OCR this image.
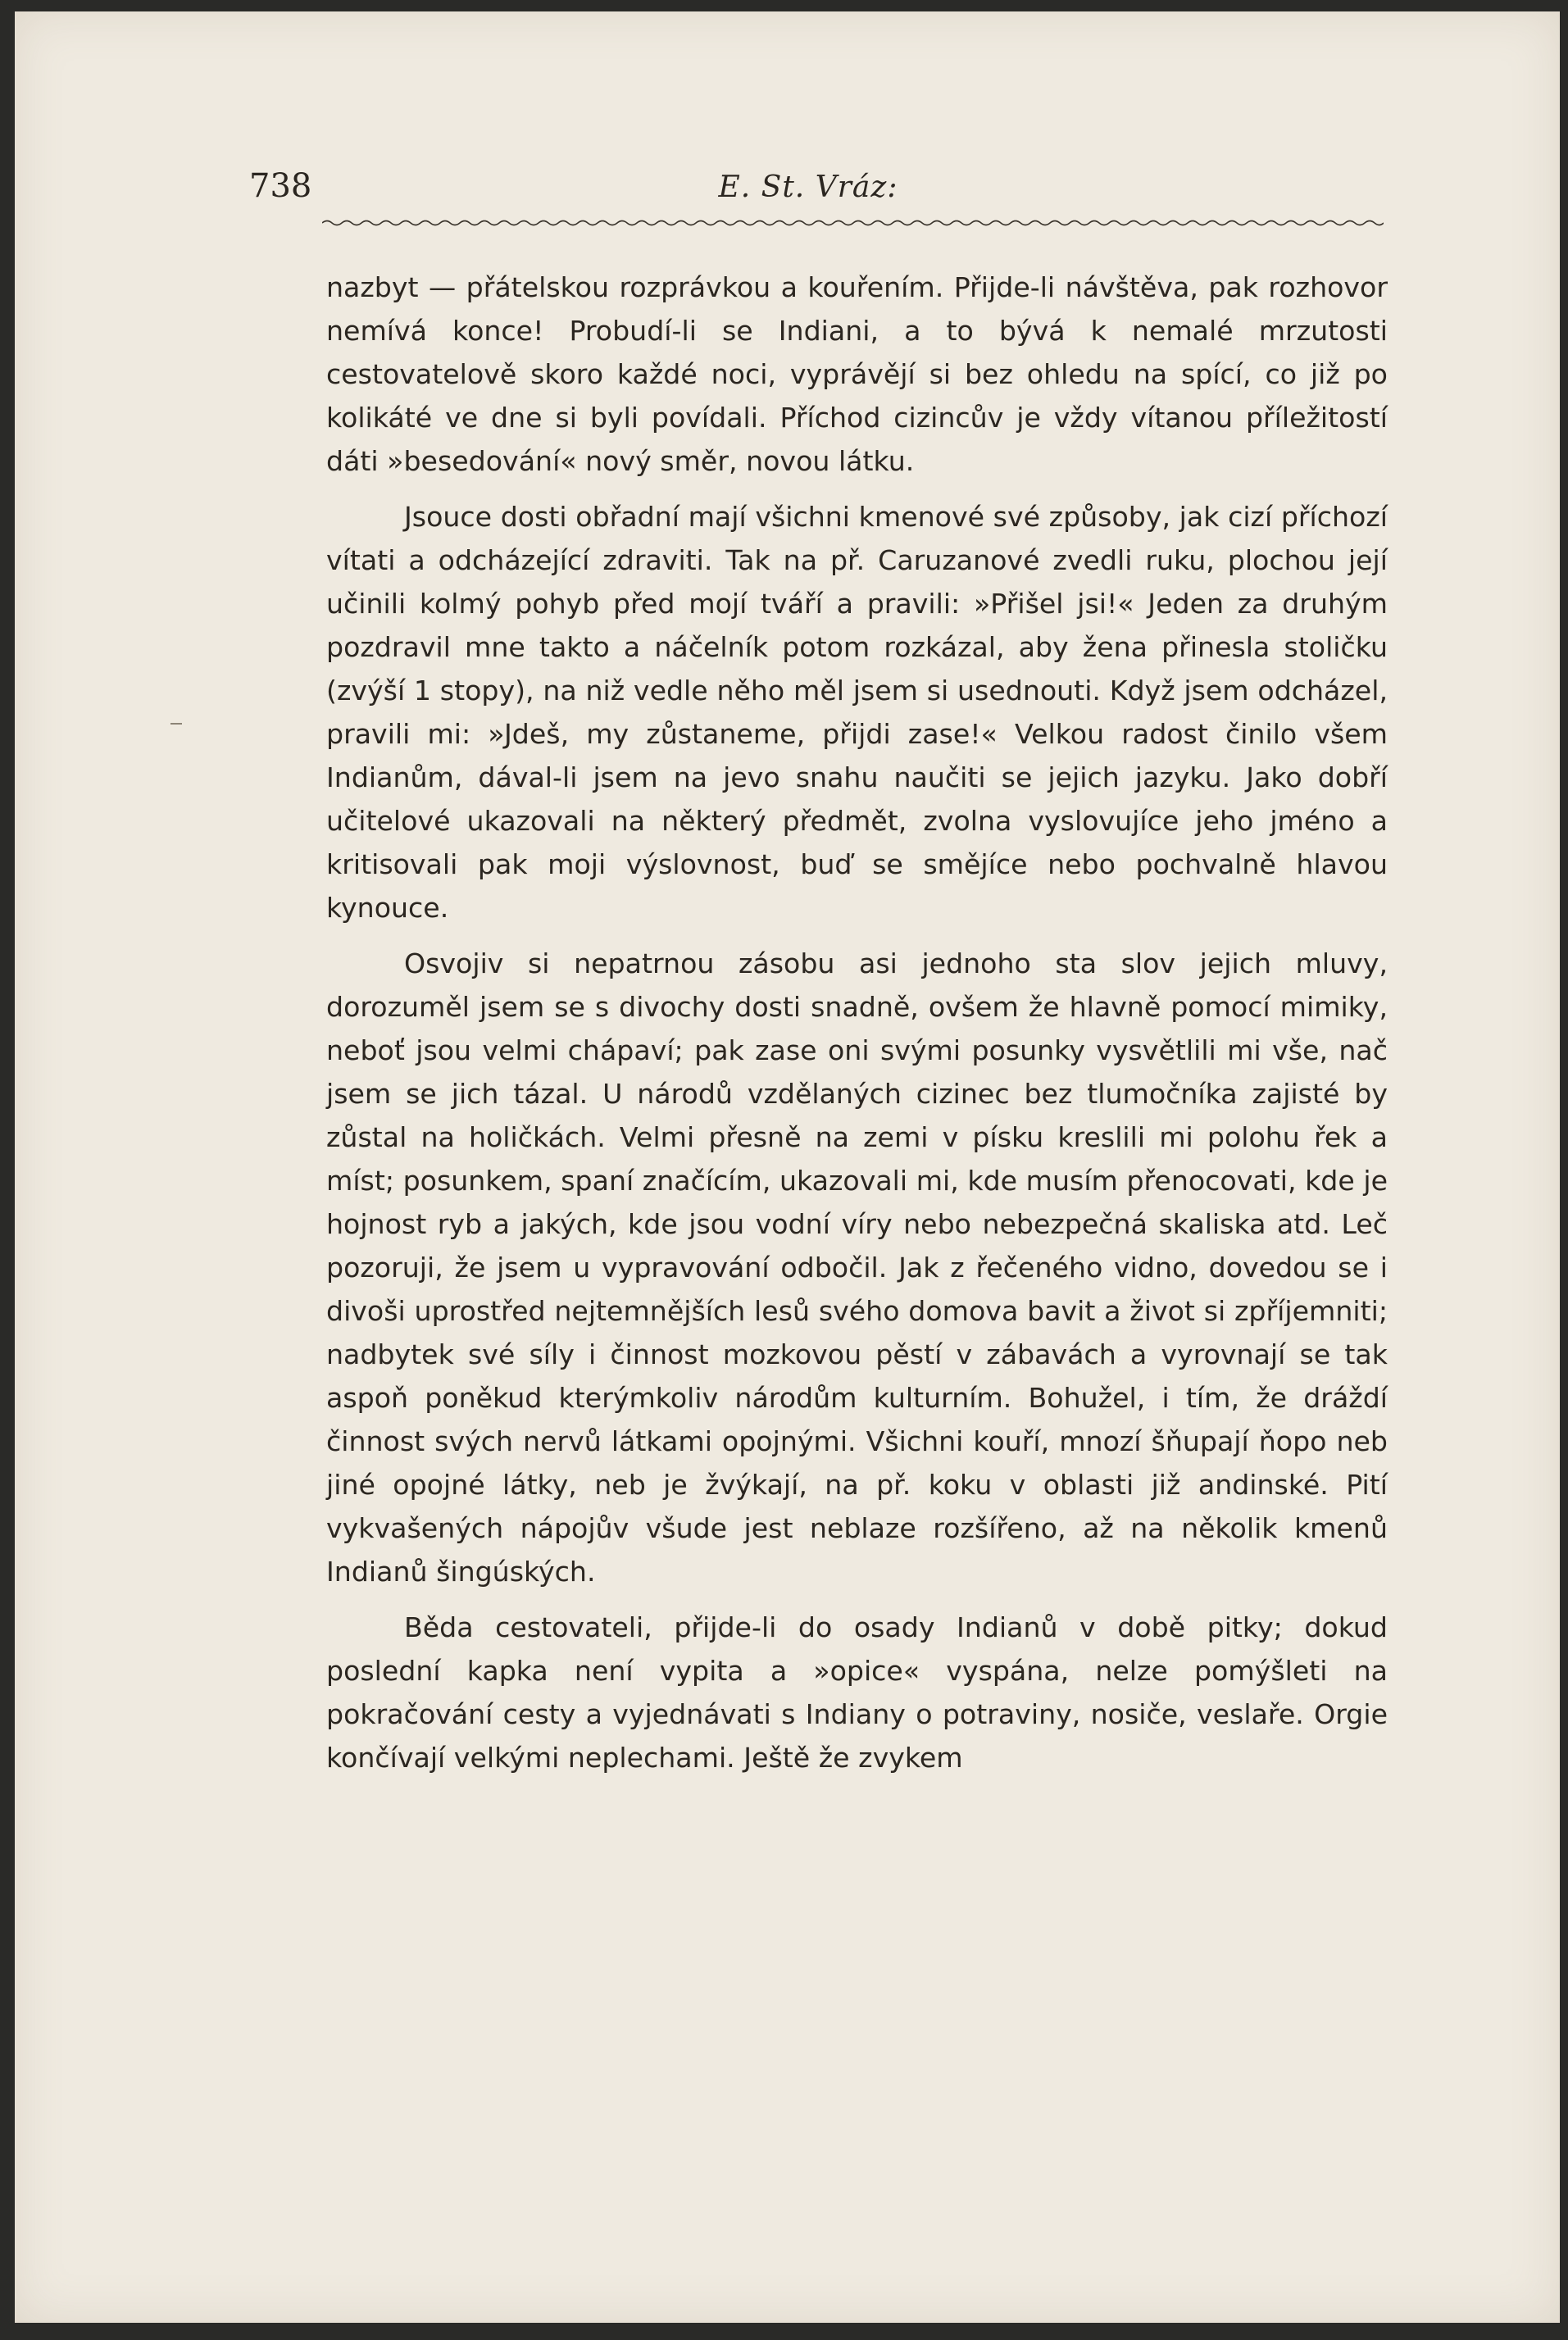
738	E. St. Vráz:

nazbyt — přátelskou rozprávkou a kouřením. Přijde-li návštěva, pak rozhovor nemívá konce! Probudí-li se Indiani, a to bývá k nemalé mrzutosti cestovatelově skoro každé noci, vyprávějí si bez ohledu na spící, co již po kolikáté ve dne si byli povídali. Příchod cizincův je vždy vítanou příležitostí dáti »besedování« nový směr, novou látku.

Jsouce dosti obřadní mají všichni kmenové své způsoby, jak cizí příchozí vítati a odcházející zdraviti. Tak na př. Caruzanové zvedli ruku, plochou její učinili kolmý pohyb před mojí tváří a pravili: »Přišel jsi!« Jeden za druhým pozdravil mne takto a náčelník potom rozkázal, aby žena přinesla stoličku (zvýší 1 stopy), na niž vedle něho měl jsem si usednouti. Když jsem odcházel, pravili mi: »Jdeš, my zůstaneme, přijdi zase!« Velkou radost činilo všem Indianům, dával-li jsem na jevo snahu naučiti se jejich jazyku. Jako dobří učitelové ukazovali na některý předmět, zvolna vyslovujíce jeho jméno a kritisovali pak moji výslovnost, buď se smějíce nebo pochvalně hlavou kynouce.

Osvojiv si nepatrnou zásobu asi jednoho sta slov jejich mluvy, dorozuměl jsem se s divochy dosti snadně, ovšem že hlavně pomocí mimiky, neboť jsou velmi chápaví; pak zase oni svými posunky vysvětlili mi vše, nač jsem se jich tázal. U národů vzdělaných cizinec bez tlumočníka zajisté by zůstal na holičkách. Velmi přesně na zemi v písku kreslili mi polohu řek a míst; posunkem, spaní značícím, ukazovali mi, kde musím přenocovati, kde je hojnost ryb a jakých, kde jsou vodní víry nebo nebezpečná skaliska atd. Leč pozoruji, že jsem u vypravování odbočil. Jak z řečeného vidno, dovedou se i divoši uprostřed nejtemnějších lesů svého domova bavit a život si zpříjemniti; nadbytek své síly i činnost mozkovou pěstí v zábavách a vyrovnají se tak aspoň poněkud kterýmkoliv národům kulturním. Bohužel, i tím, že dráždí činnost svých nervů látkami opojnými. Všichni kouří, mnozí šňupají ňopo neb jiné opojné látky, neb je žvýkají, na př. koku v oblasti již andinské. Pití vykvašených nápojův všude jest neblaze rozšířeno, až na několik kmenů Indianů šingúských.

Běda cestovateli, přijde-li do osady Indianů v době pitky; dokud poslední kapka není vypita a »opice« vyspána, nelze pomýšleti na pokračování cesty a vyjednávati s Indiany o potraviny, nosiče, veslaře. Orgie končívají velkými neplechami. Ještě že zvykem
